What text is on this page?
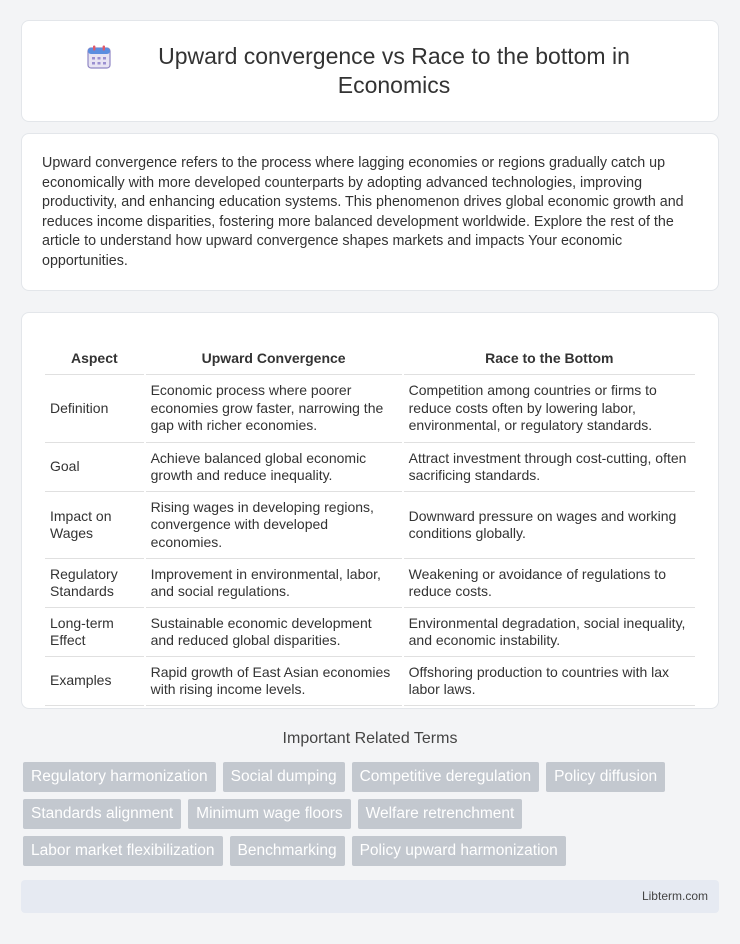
Upward convergence vs Race to the bottom in Economics

Upward convergence refers to the process where lagging economies or regions gradually catch up economically with more developed counterparts by adopting advanced technologies, improving productivity, and enhancing education systems. This phenomenon drives global economic growth and reduces income disparities, fostering more balanced development worldwide. Explore the rest of the article to understand how upward convergence shapes markets and impacts Your economic opportunities.

Aspect	Upward Convergence	Race to the Bottom
Definition	Economic process where poorer economies grow faster, narrowing the gap with richer economies.	Competition among countries or firms to reduce costs often by lowering labor, environmental, or regulatory standards.
Goal	Achieve balanced global economic growth and reduce inequality.	Attract investment through cost-cutting, often sacrificing standards.
Impact on Wages	Rising wages in developing regions, convergence with developed economies.	Downward pressure on wages and working conditions globally.
Regulatory Standards	Improvement in environmental, labor, and social regulations.	Weakening or avoidance of regulations to reduce costs.
Long-term Effect	Sustainable economic development and reduced global disparities.	Environmental degradation, social inequality, and economic instability.
Examples	Rapid growth of East Asian economies with rising income levels.	Offshoring production to countries with lax labor laws.
Important Related Terms
Regulatory harmonization	Social dumping	Competitive deregulation	Policy diffusion
Standards alignment	Minimum wage floors	Welfare retrenchment
Labor market flexibilization	Benchmarking	Policy upward harmonization
Libterm.com
